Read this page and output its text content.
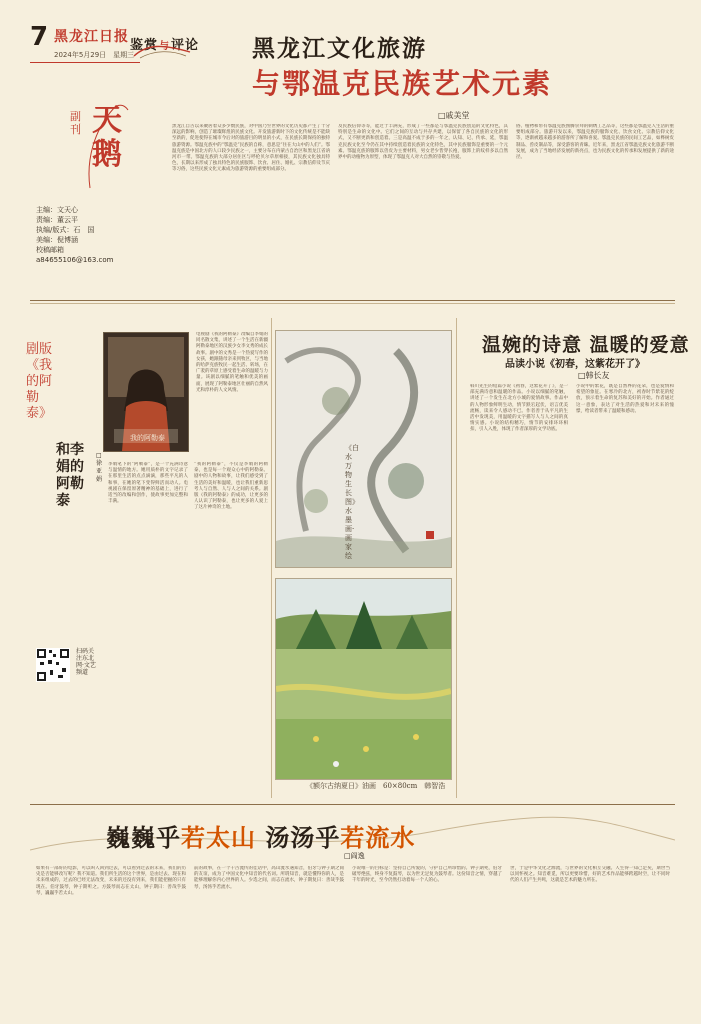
7 黑龙江日报
2024年5月29日　星期三
鉴赏与评论 黑龙江文化旅游
与鄂温克民族艺术元素
□戚美堂
副刊 天鹅
主编：文天心
责编：董云平
执编/版式：石　国
美编：倪博涵
校稿邮箱
a84655106@163.com
黑龙江自古以来聚居着众多少数民族，对中国乃至世界的文化历史都产生了十分深远的影响，创造了璀璨辉煌的民族文化。开发旅游新时下的文化传统是不能缺至新的，促进使得在城市今后对的旅游目的明显的小式，在民族长期保持的独特旅游资源。鄂温克族中的“鄂温克”民族的自称，意思是“住在大山中的人们”。鄂温克族是中国北方的人口较少民族之一，主要分布在内蒙古自治区和黑龙江省讷河市一带。鄂温克族的大部分居住区与呼伦贝尔草原相接，其民族文化独具特色，长期以来形成了独具特色的民族服饰、饮食、居住、婚礼、宗教信仰及节庆等习俗，这些民族文化元素成为旅游资源的重要组成部分。
及民族信仰等等，能过于丰满充，形成了一些都是与鄂温克民族创造的文化特色，其特别是生命的文化中。它们之间的互动与共存共建，以保留了各自民族的文化的形式，又不断更新和创造着。三是高温不成于多的一年之，认知、记、传承、延，鄂温克民族文化至今仍在其中持续创造着民族的文化特色，其中民族服饰是重要的一个元素。鄂温克族的服饰以兽皮为主要材料，男女老少皆穿长袍，服饰上的纹样多以自然界中的动植物为原型，体现了鄂温克人对大自然的崇敬与热爱。
俗、植物和带有鄂温克族图腾崇拜的刺绣工艺品等，这些都是鄂温克人生活的重要组成部分。旅游开发以来，鄂温克族的服饰文化、饮食文化、宗教信仰文化等，逐渐被越来越多的游客所了解和喜爱。鄂温克民族的民间工艺品，如桦树皮制品、兽皮制品等，深受游客的青睐。近年来，黑龙江省鄂温克族文化旅游不断发展，成为了当地经济发展的新亮点，也为民族文化的传承和发展提供了新的途径。
我的阿勒泰
剧版《我的阿勒泰》
和李娟的阿勒泰
□徐亚娟
电视剧《我的阿勒泰》改编自李娟的同名散文集，讲述了一个生活在新疆阿勒泰地区的汉族少女李文秀的成长故事。剧中的文秀是一个热爱写作的女孩，她跟随母亲来到牧区，与当地的哈萨克族牧民一起生活、转场，在广袤的草原上感受着生命的温暖与力量。该剧以细腻的笔触和优美的画面，展现了阿勒泰地区壮丽的自然风光和淳朴的人文风情。
李娟笔下的“阿勒泰”，是一个充满诗意与温情的地方。她用质朴的文字记录了在那里生活的点点滴滴，那些平凡的人和事，在她的笔下变得鲜活而动人。电视剧在保留原著精神的基础上，进行了适当的改编和创作，使故事更加完整和丰满。
“我的阿勒泰”，不仅是李娟的阿勒泰，也是每一个观众心中的阿勒泰。剧中的人物和故事，让我们感受到了生活的美好和温暖，也让我们重新思考人与自然、人与人之间的关系。剧版《我的阿勒泰》的成功，让更多的人认识了阿勒泰，也让更多的人爱上了这片神奇的土地。
扫码关注东北网·文艺频道
《白水万物生长图》水墨画·画家绘
《额尔古纳夏日》油画　60×80cm　韩智浩
温婉的诗意 温暖的爱意
品读小说《初春，这紫花开了》
□韩长友
韩川先生的短篇小说《初春，这紫花开了》，是一部充满诗意和温暖的作品。小说以细腻的笔触，讲述了一个发生在北方小城的爱情故事。作品中的人物形象鲜明生动，情节跌宕起伏，语言优美流畅，读来令人感动不已。作者善于从平凡的生活中发现美，用温暖的文字描写人与人之间的真情实感。小说的结构精巧，情节的安排环环相扣，引人入胜，体现了作者深厚的文学功底。
小说中的紫花，既是自然界的花朵，也是爱情和希望的象征。在寒冷的北方，初春时节紫花的绽放，预示着生命的复苏和美好的开始。作者通过这一意象，表达了对生活的热爱和对未来的憧憬，给读者带来了温暖和感动。
巍巍乎若太山 汤汤乎若流水
□阎逸
如果有一部好的电影，可以叫人回到过去，可以看到过去的未来，我们的历史是否能够改写呢？我不知道。我们所生活的这个世界，是由过去、现在和未来组成的，过去的已经无法改变，未来的还没有到来，我们能把握的只有现在。伯牙鼓琴，钟子期听之。方鼓琴而志在太山，钟子期曰：善哉乎鼓琴，巍巍乎若太山。
前的故事，在一个千古流传的佳话中，高山流水遇知音，伯牙与钟子期之间的友谊，成为了中国文化中知音的代名词。所谓知音，就是懂得你的人，是能够理解你内心世界的人。少选之间，而志在流水，钟子期复曰：善哉乎鼓琴，汤汤乎若流水。
小说唯一的目标是：坚持自己所爱的，守护自己所珍惜的。钟子期死，伯牙破琴绝弦，终身不复鼓琴，以为世无足复为鼓琴者。这份知音之情，穿越了千年的时光，至今仍然打动着每一个人的心。
世，于是中华文化之源流，与世界的文化相互交融。人生得一知己足矣，斯世当以同怀视之。知音难觅，所以更要珍惜，好的艺术作品能够跨越时空，让不同时代的人们产生共鸣，这就是艺术的魅力所在。
